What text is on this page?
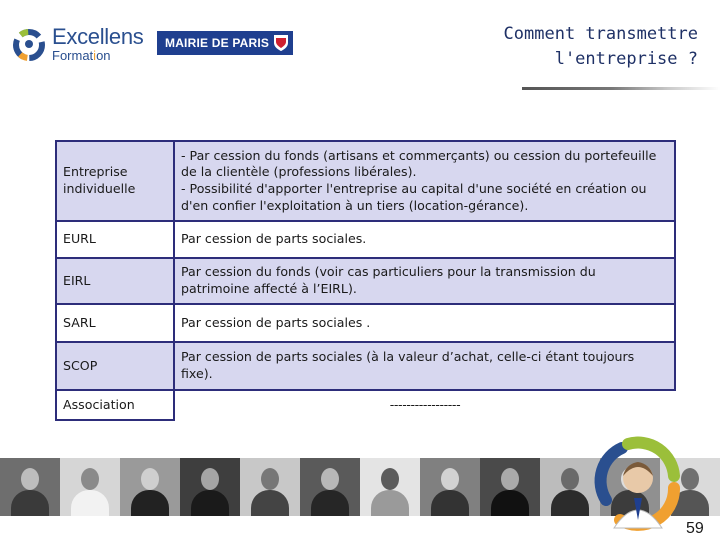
Excellens
Formation
MAIRIE DE PARIS	Comment transmettre
l'entreprise ?
Entreprise individuelle	- Par cession du fonds (artisans et commerçants) ou cession du portefeuille de la clientèle (professions libérales).
- Possibilité d'apporter l'entreprise au capital d'une société en création ou d'en confier l'exploitation à un tiers (location-gérance).

EURL	Par cession de parts sociales.
EIRL	Par cession du fonds (voir cas particuliers pour la transmission du patrimoine affecté à l’EIRL).
SARL	Par cession de parts sociales .
SCOP	Par cession de parts sociales (à la valeur d’achat, celle-ci étant toujours fixe).
Association	-----------------
59
